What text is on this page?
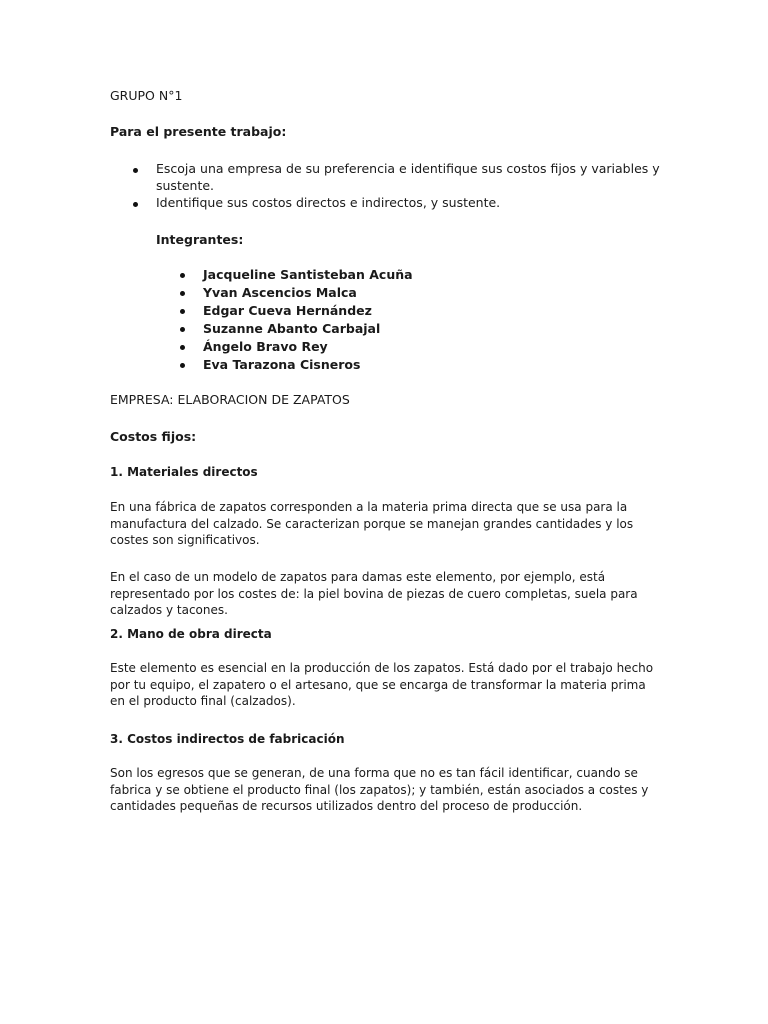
GRUPO N°1
Para el presente trabajo:
Escoja una empresa de su preferencia e identifique sus costos fijos y variables y
sustente.
Identifique sus costos directos e indirectos, y sustente.
Integrantes:
Jacqueline Santisteban Acuña
Yvan Ascencios Malca
Edgar Cueva Hernández
Suzanne Abanto Carbajal
Ángelo Bravo Rey
Eva Tarazona Cisneros
EMPRESA: ELABORACION DE ZAPATOS
Costos fijos:
1. Materiales directos
En una fábrica de zapatos corresponden a la materia prima directa que se usa para la manufactura del calzado. Se caracterizan porque se manejan grandes cantidades y los costes son significativos.
En el caso de un modelo de zapatos para damas este elemento, por ejemplo, está representado por los costes de: la piel bovina de piezas de cuero completas, suela para calzados y tacones.
2. Mano de obra directa
Este elemento es esencial en la producción de los zapatos. Está dado por el trabajo hecho por tu equipo, el zapatero o el artesano, que se encarga de transformar la materia prima en el producto final (calzados).
3. Costos indirectos de fabricación
Son los egresos que se generan, de una forma que no es tan fácil identificar, cuando se fabrica y se obtiene el producto final (los zapatos); y también, están asociados a costes y cantidades pequeñas de recursos utilizados dentro del proceso de producción.
